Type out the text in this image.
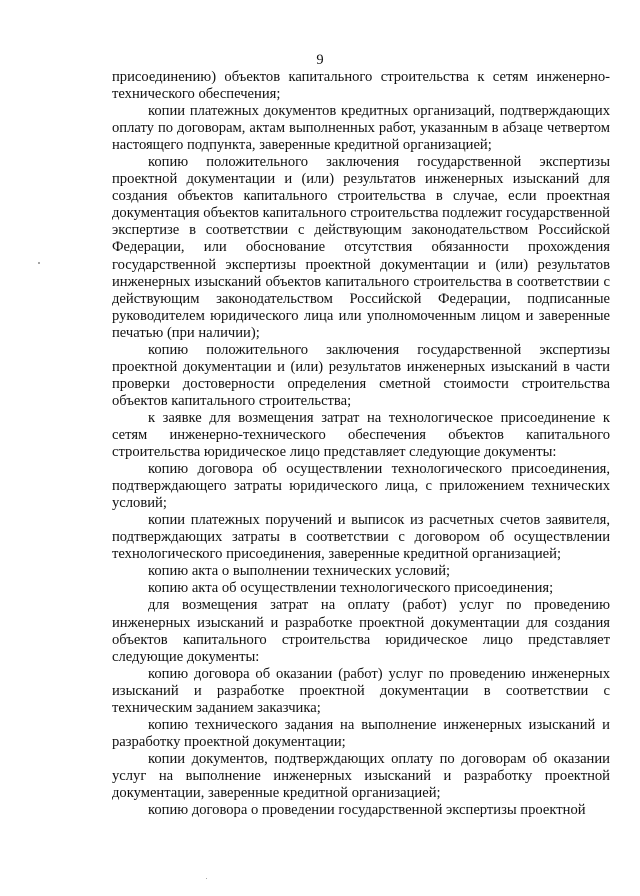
9

присоединению) объектов капитального строительства к сетям инженерно-технического обеспечения;

копии платежных документов кредитных организаций, подтверждающих оплату по договорам, актам выполненных работ, указанным в абзаце четвертом настоящего подпункта, заверенные кредитной организацией;

копию положительного заключения государственной экспертизы проектной документации и (или) результатов инженерных изысканий для создания объектов капитального строительства в случае, если проектная документация объектов капитального строительства подлежит государственной экспертизе в соответствии с действующим законодательством Российской Федерации, или обоснование отсутствия обязанности прохождения государственной экспертизы проектной документации и (или) результатов инженерных изысканий объектов капитального строительства в соответствии с действующим законодательством Российской Федерации, подписанные руководителем юридического лица или уполномоченным лицом и заверенные печатью (при наличии);

копию положительного заключения государственной экспертизы проектной документации и (или) результатов инженерных изысканий в части проверки достоверности определения сметной стоимости строительства объектов капитального строительства;

к заявке для возмещения затрат на технологическое присоединение к сетям инженерно-технического обеспечения объектов капитального строительства юридическое лицо представляет следующие документы:

копию договора об осуществлении технологического присоединения, подтверждающего затраты юридического лица, с приложением технических условий;

копии платежных поручений и выписок из расчетных счетов заявителя, подтверждающих затраты в соответствии с договором об осуществлении технологического присоединения, заверенные кредитной организацией;

копию акта о выполнении технических условий;

копию акта об осуществлении технологического присоединения;

для возмещения затрат на оплату (работ) услуг по проведению инженерных изысканий и разработке проектной документации для создания объектов капитального строительства юридическое лицо представляет следующие документы:

копию договора об оказании (работ) услуг по проведению инженерных изысканий и разработке проектной документации в соответствии с техническим заданием заказчика;

копию технического задания на выполнение инженерных изысканий и разработку проектной документации;

копии документов, подтверждающих оплату по договорам об оказании услуг на выполнение инженерных изысканий и разработку проектной документации, заверенные кредитной организацией;

копию договора о проведении государственной экспертизы проектной
